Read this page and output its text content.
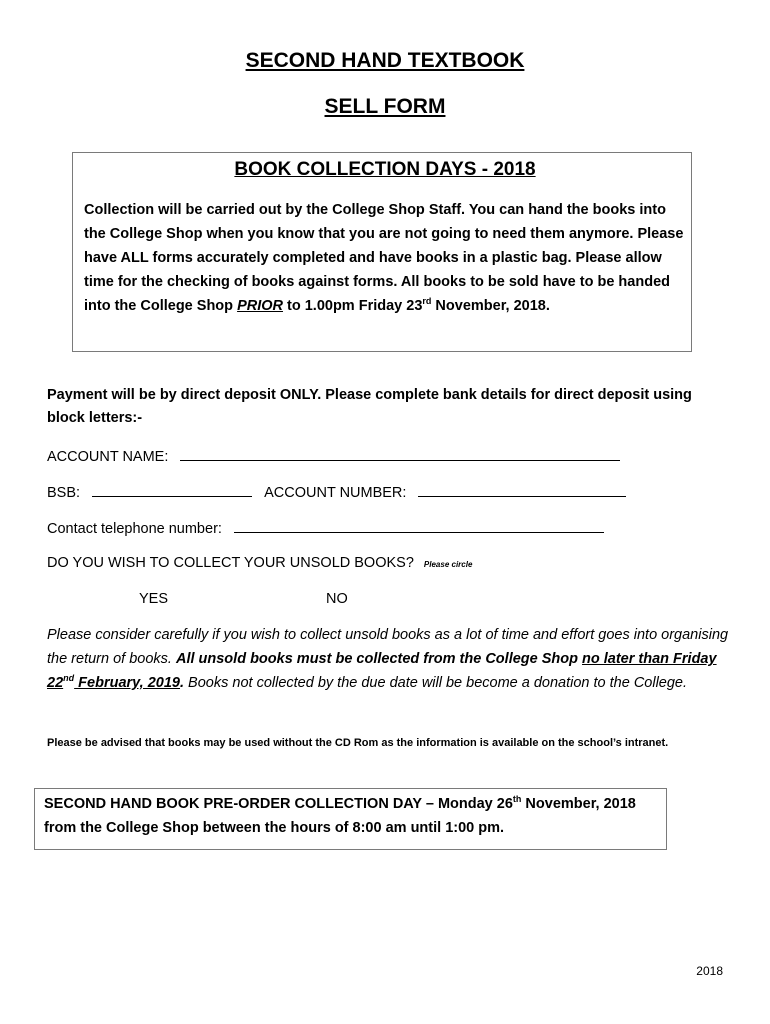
SECOND HAND TEXTBOOK
SELL FORM
BOOK COLLECTION DAYS - 2018
Collection will be carried out by the College Shop Staff. You can hand the books into the College Shop when you know that you are not going to need them anymore. Please have ALL forms accurately completed and have books in a plastic bag. Please allow time for the checking of books against forms. All books to be sold have to be handed into the College Shop PRIOR to 1.00pm Friday 23rd November, 2018.
Payment will be by direct deposit ONLY. Please complete bank details for direct deposit using block letters:-
ACCOUNT NAME:
BSB:	ACCOUNT NUMBER:
Contact telephone number:
DO YOU WISH TO COLLECT YOUR UNSOLD BOOKS? Please circle
YES	NO
Please consider carefully if you wish to collect unsold books as a lot of time and effort goes into organising the return of books. All unsold books must be collected from the College Shop no later than Friday 22nd February, 2019. Books not collected by the due date will be become a donation to the College.
Please be advised that books may be used without the CD Rom as the information is available on the school’s intranet.
SECOND HAND BOOK PRE-ORDER COLLECTION DAY – Monday 26th November, 2018 from the College Shop between the hours of 8:00 am until 1:00 pm.
2018
